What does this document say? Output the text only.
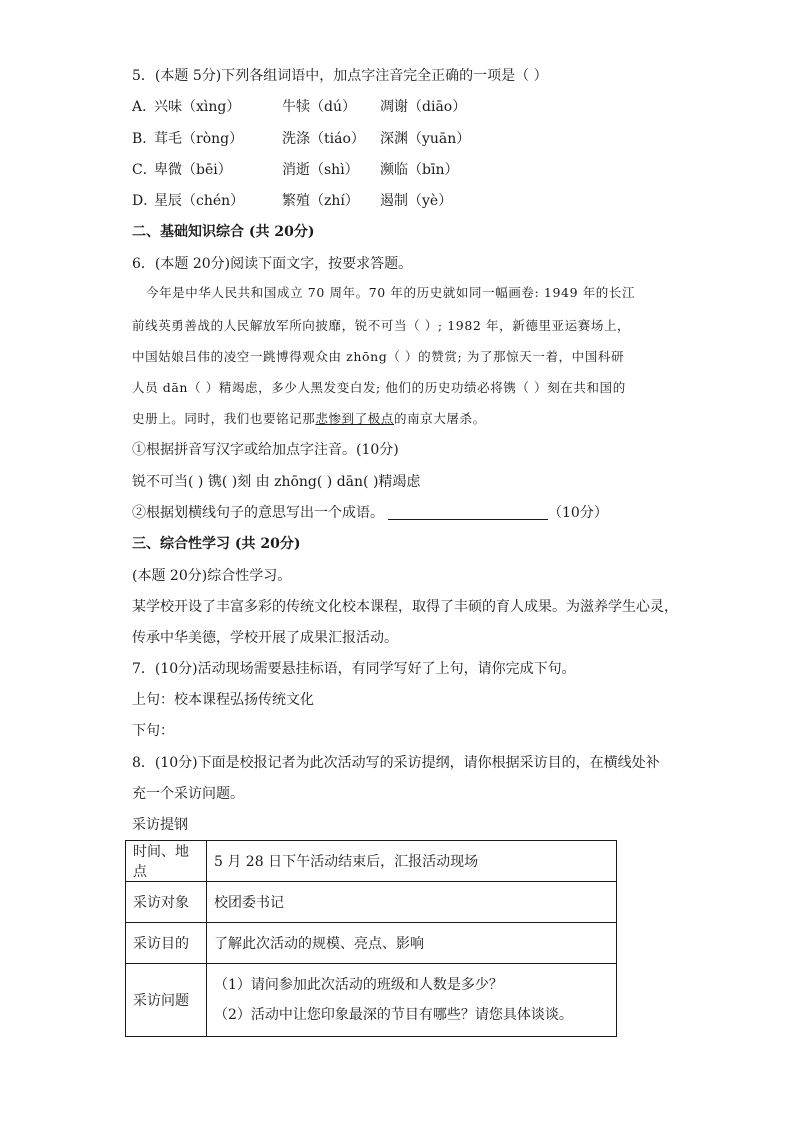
5．(本题 5分)下列各组词语中，加点字注音完全正确的一项是（ ）
A．兴味（xìng）	牛犊（dú） 凋谢（diāo）
B．茸毛（ròng）	洗涤（tiáo） 深渊（yuān）
C．卑微（bēi）	消逝（shì） 濒临（bīn）
D．星辰（chén）	繁殖（zhí） 遏制（yè）
二、基础知识综合 (共 20分)
6．(本题 20分)阅读下面文字，按要求答题。
今年是中华人民共和国成立 70 周年。70 年的历史就如同一幅画卷: 1949 年的长江
前线英勇善战的人民解放军所向披靡，锐不可当（ ）; 1982 年，新德里亚运赛场上，
中国姑娘吕伟的凌空一跳博得观众由 zhōng（ ）的赞赏; 为了那惊天一着，中国科研
人员 dān（ ）精竭虑，多少人黑发变白发; 他们的历史功绩必将镌（ ）刻在共和国的
史册上。同时，我们也要铭记那悲惨到了极点的南京大屠杀。
①根据拼音写汉字或给加点字注音。(10分)
锐不可当( ) 镌( )刻 由 zhōng( ) dān( )精竭虑
②根据划横线句子的意思写出一个成语。	（10分）
三、综合性学习 (共 20分)
(本题 20分)综合性学习。
某学校开设了丰富多彩的传统文化校本课程，取得了丰硕的育人成果。为滋养学生心灵，
传承中华美德，学校开展了成果汇报活动。
7．(10分)活动现场需要悬挂标语，有同学写好了上句，请你完成下句。
上句：校本课程弘扬传统文化
下句：
8．(10分)下面是校报记者为此次活动写的采访提纲，请你根据采访目的，在横线处补
充一个采访问题。
采访提钢
时间、地点	5 月 28 日下午活动结束后，汇报活动现场
采访对象	校团委书记
采访目的	了解此次活动的规模、亮点、影响
采访问题	（1）请问参加此次活动的班级和人数是多少？
（2）活动中让您印象最深的节目有哪些？请您具体谈谈。
